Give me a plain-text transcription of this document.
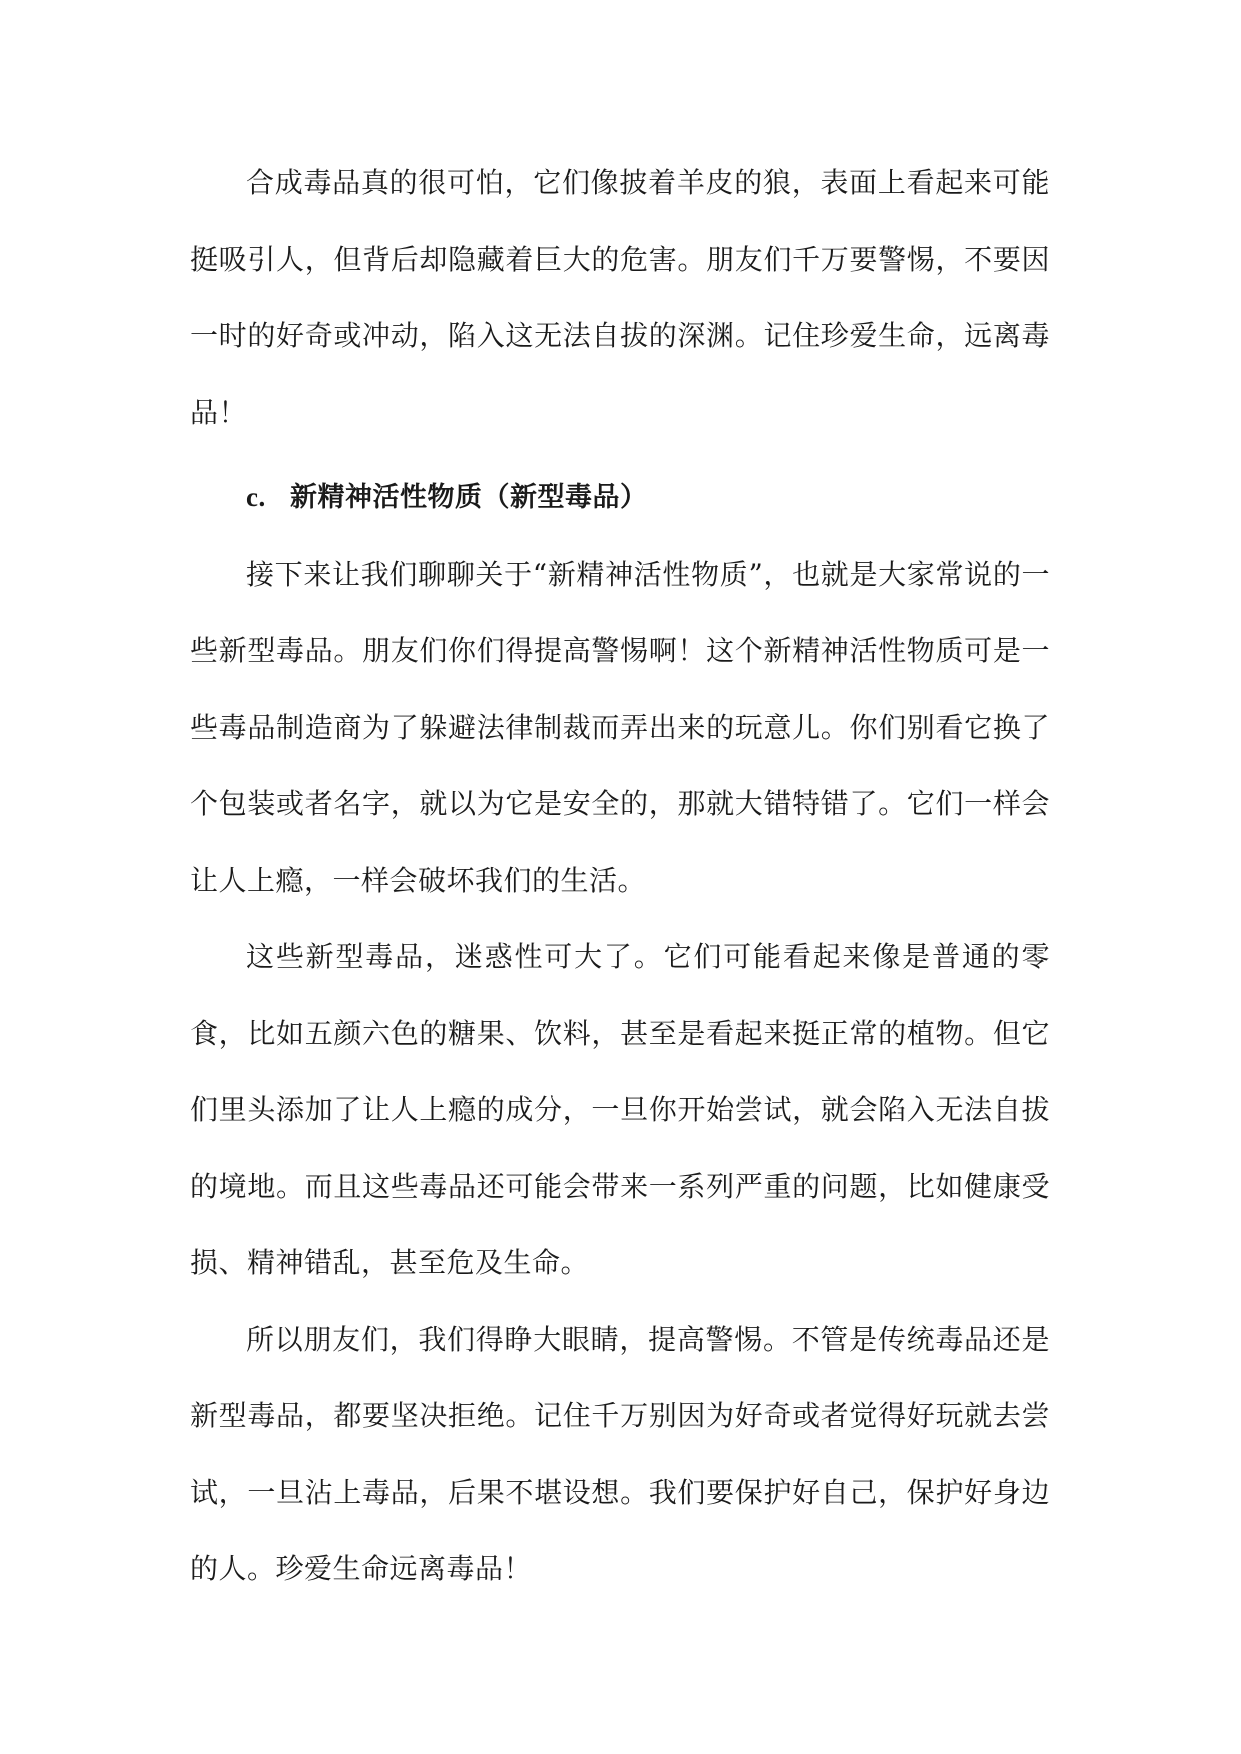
合成毒品真的很可怕，它们像披着羊皮的狼，表面上看起来可能挺吸引人，但背后却隐藏着巨大的危害。朋友们千万要警惕，不要因一时的好奇或冲动，陷入这无法自拔的深渊。记住珍爱生命，远离毒品！

c. 新精神活性物质（新型毒品）

接下来让我们聊聊关于“新精神活性物质”，也就是大家常说的一些新型毒品。朋友们你们得提高警惕啊！这个新精神活性物质可是一些毒品制造商为了躲避法律制裁而弄出来的玩意儿。你们别看它换了个包装或者名字，就以为它是安全的，那就大错特错了。它们一样会让人上瘾，一样会破坏我们的生活。

这些新型毒品，迷惑性可大了。它们可能看起来像是普通的零食，比如五颜六色的糖果、饮料，甚至是看起来挺正常的植物。但它们里头添加了让人上瘾的成分，一旦你开始尝试，就会陷入无法自拔的境地。而且这些毒品还可能会带来一系列严重的问题，比如健康受损、精神错乱，甚至危及生命。

所以朋友们，我们得睁大眼睛，提高警惕。不管是传统毒品还是新型毒品，都要坚决拒绝。记住千万别因为好奇或者觉得好玩就去尝试，一旦沾上毒品，后果不堪设想。我们要保护好自己，保护好身边的人。珍爱生命远离毒品！
